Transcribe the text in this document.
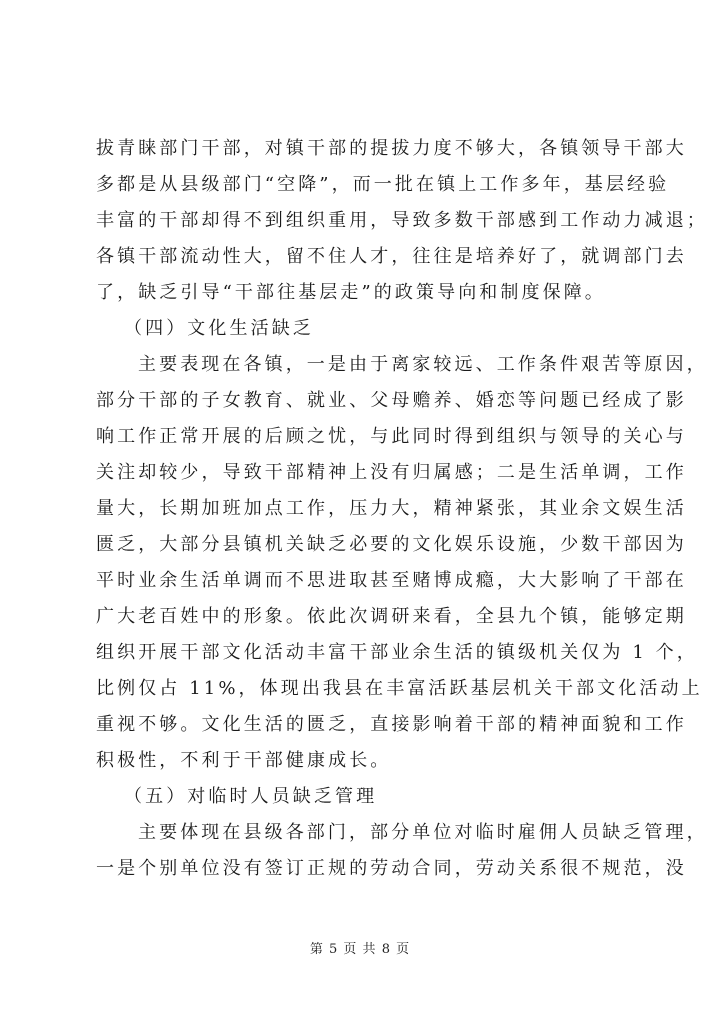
拔青睐部门干部，对镇干部的提拔力度不够大，各镇领导干部大
多都是从县级部门“空降”，而一批在镇上工作多年，基层经验
丰富的干部却得不到组织重用，导致多数干部感到工作动力减退；
各镇干部流动性大，留不住人才，往往是培养好了，就调部门去
了，缺乏引导“干部往基层走”的政策导向和制度保障。
（四）文化生活缺乏
主要表现在各镇，一是由于离家较远、工作条件艰苦等原因，
部分干部的子女教育、就业、父母赡养、婚恋等问题已经成了影
响工作正常开展的后顾之忧，与此同时得到组织与领导的关心与
关注却较少，导致干部精神上没有归属感；二是生活单调，工作
量大，长期加班加点工作，压力大，精神紧张，其业余文娱生活
匮乏，大部分县镇机关缺乏必要的文化娱乐设施，少数干部因为
平时业余生活单调而不思进取甚至赌博成瘾，大大影响了干部在
广大老百姓中的形象。依此次调研来看，全县九个镇，能够定期
组织开展干部文化活动丰富干部业余生活的镇级机关仅为 1 个，
比例仅占 11%，体现出我县在丰富活跃基层机关干部文化活动上
重视不够。文化生活的匮乏，直接影响着干部的精神面貌和工作
积极性，不利于干部健康成长。
（五）对临时人员缺乏管理
主要体现在县级各部门，部分单位对临时雇佣人员缺乏管理，
一是个别单位没有签订正规的劳动合同，劳动关系很不规范，没
第 5 页 共 8 页
